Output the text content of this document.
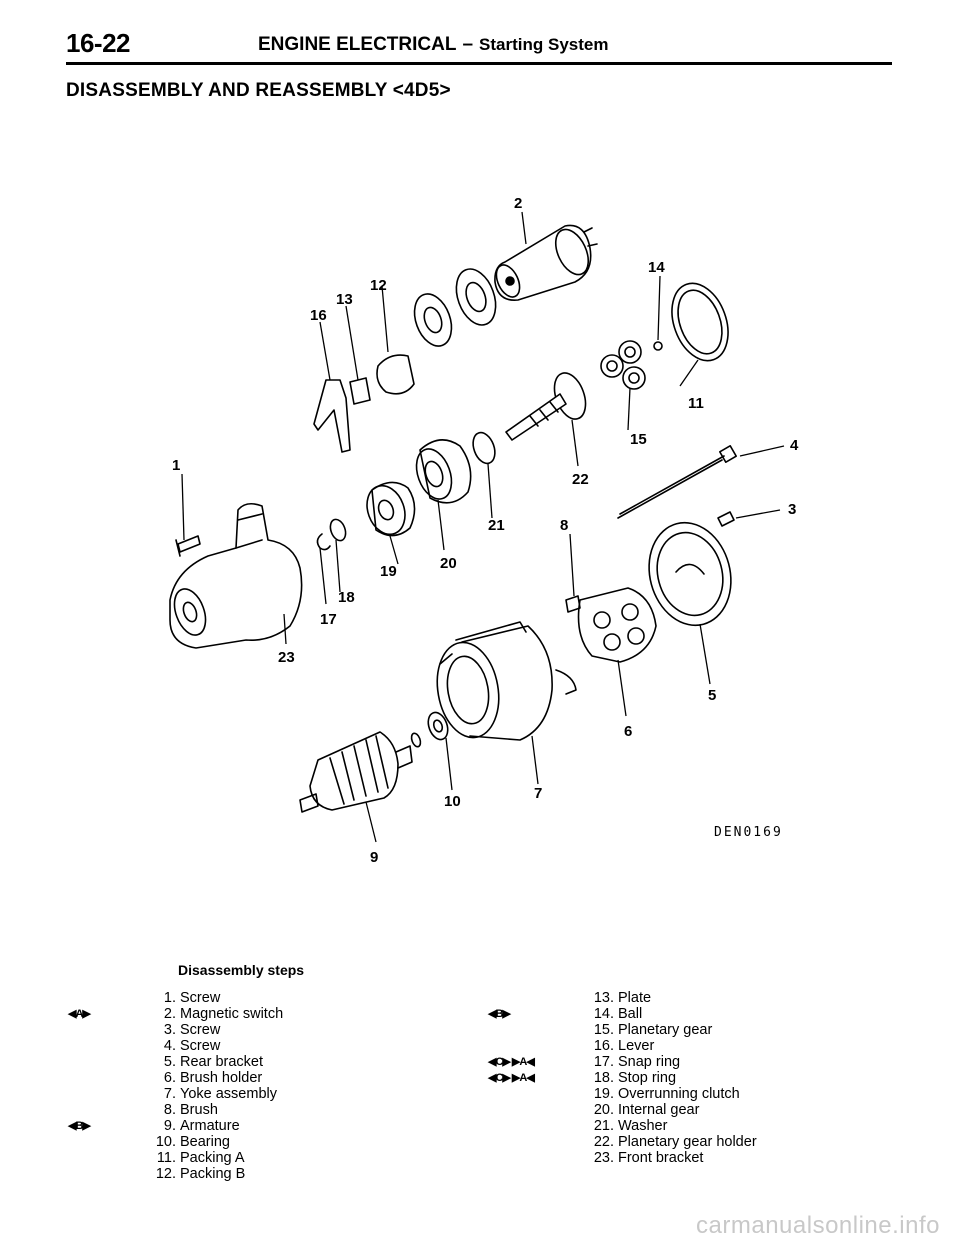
16-22	ENGINE ELECTRICAL – Starting System
DISASSEMBLY AND REASSEMBLY <4D5>
1
2
3
4
5
6
7
8
9
10
11
12
13
14
15
16
17
18
19	20
21
22
23
DEN0169
Disassembly steps
1. Screw
◀A▶	2. Magnetic switch
3. Screw
4. Screw
5. Rear bracket
6. Brush holder
7. Yoke assembly
8. Brush
◀B▶	9. Armature
10. Bearing
11. Packing A
12. Packing B
13. Plate
◀B▶	14. Ball
15. Planetary gear
16. Lever
◀C▶ ▶A◀	17. Snap ring
◀C▶ ▶A◀	18. Stop ring
19. Overrunning clutch
20. Internal gear
21. Washer
22. Planetary gear holder
23. Front bracket
carmanualsonline.info
